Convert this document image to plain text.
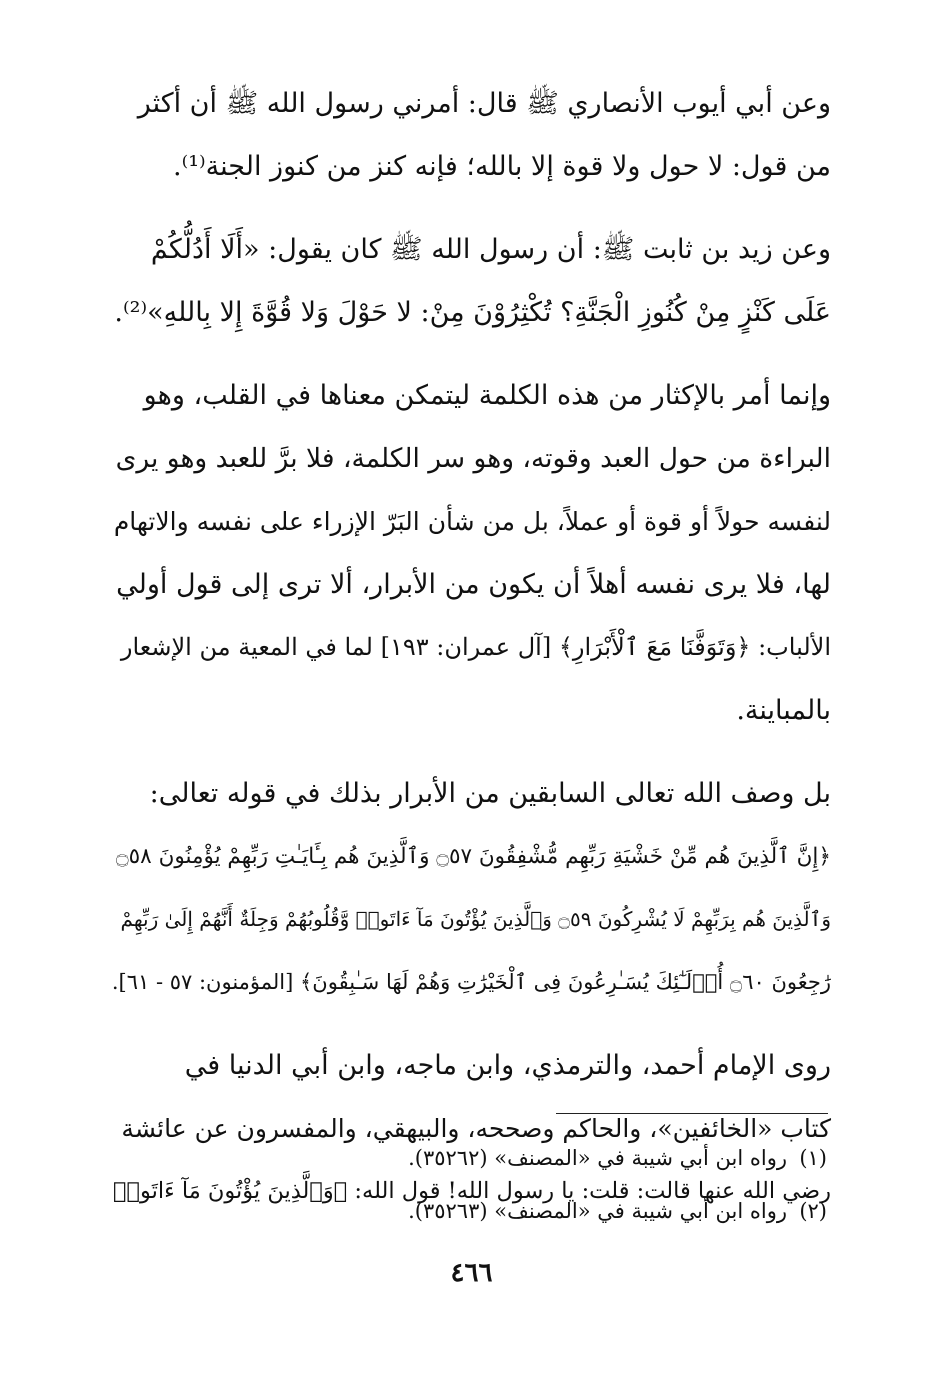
وعن أبي أيوب الأنصاري ﷺ قال: أمرني رسول الله ﷺ أن أكثر
من قول: لا حول ولا قوة إلا بالله؛ فإنه كنز من كنوز الجنة⁽¹⁾.

وعن زيد بن ثابت ﷺ: أن رسول الله ﷺ كان يقول: «أَلَا أَدُلُّكُمْ
عَلَى كَنْزٍ مِنْ كُنُوزِ الْجَنَّةِ؟ تُكْثِرُوْنَ مِنْ: لا حَوْلَ وَلا قُوَّةَ إِلا بِاللهِ»⁽²⁾.

وإنما أمر بالإكثار من هذه الكلمة ليتمكن معناها في القلب، وهو
البراءة من حول العبد وقوته، وهو سر الكلمة، فلا برَّ للعبد وهو يرى
لنفسه حولاً أو قوة أو عملاً، بل من شأن البَرّ الإزراء على نفسه والاتهام
لها، فلا يرى نفسه أهلاً أن يكون من الأبرار، ألا ترى إلى قول أولي
الألباب: ﴿وَتَوَفَّنَا مَعَ ٱلْأَبْرَارِ﴾ [آل عمران: ١٩٣] لما في المعية من الإشعار
بالمباينة.

بل وصف الله تعالى السابقين من الأبرار بذلك في قوله تعالى:
﴿إِنَّ ٱلَّذِينَ هُم مِّنْ خَشْيَةِ رَبِّهِم مُّشْفِقُونَ ۝٥٧ وَٱلَّذِينَ هُم بِـَٔايَـٰتِ رَبِّهِمْ يُؤْمِنُونَ ۝٥٨
وَٱلَّذِينَ هُم بِرَبِّهِمْ لَا يُشْرِكُونَ ۝٥٩ وَٱلَّذِينَ يُؤْتُونَ مَآ ءَاتَوا۟ وَّقُلُوبُهُمْ وَجِلَةٌ أَنَّهُمْ إِلَىٰ رَبِّهِمْ
رَٰجِعُونَ ۝٦٠ أُو۟لَـٰٓئِكَ يُسَـٰرِعُونَ فِى ٱلْخَيْرَٰتِ وَهُمْ لَهَا سَـٰبِقُونَ﴾ [المؤمنون: ٥٧ - ٦١].

روى الإمام أحمد، والترمذي، وابن ماجه، وابن أبي الدنيا في
كتاب «الخائفين»، والحاكم وصححه، والبيهقي، والمفسرون عن عائشة
رضي الله عنها قالت: قلت: يا رسول الله! قول الله: ﴿وَٱلَّذِينَ يُؤْتُونَ مَآ ءَاتَوا۟

(١)رواه ابن أبي شيبة في «المصنف» (٣٥٢٦٢).
(٢)رواه ابن أبي شيبة في «المصنف» (٣٥٢٦٣).
٤٦٦
